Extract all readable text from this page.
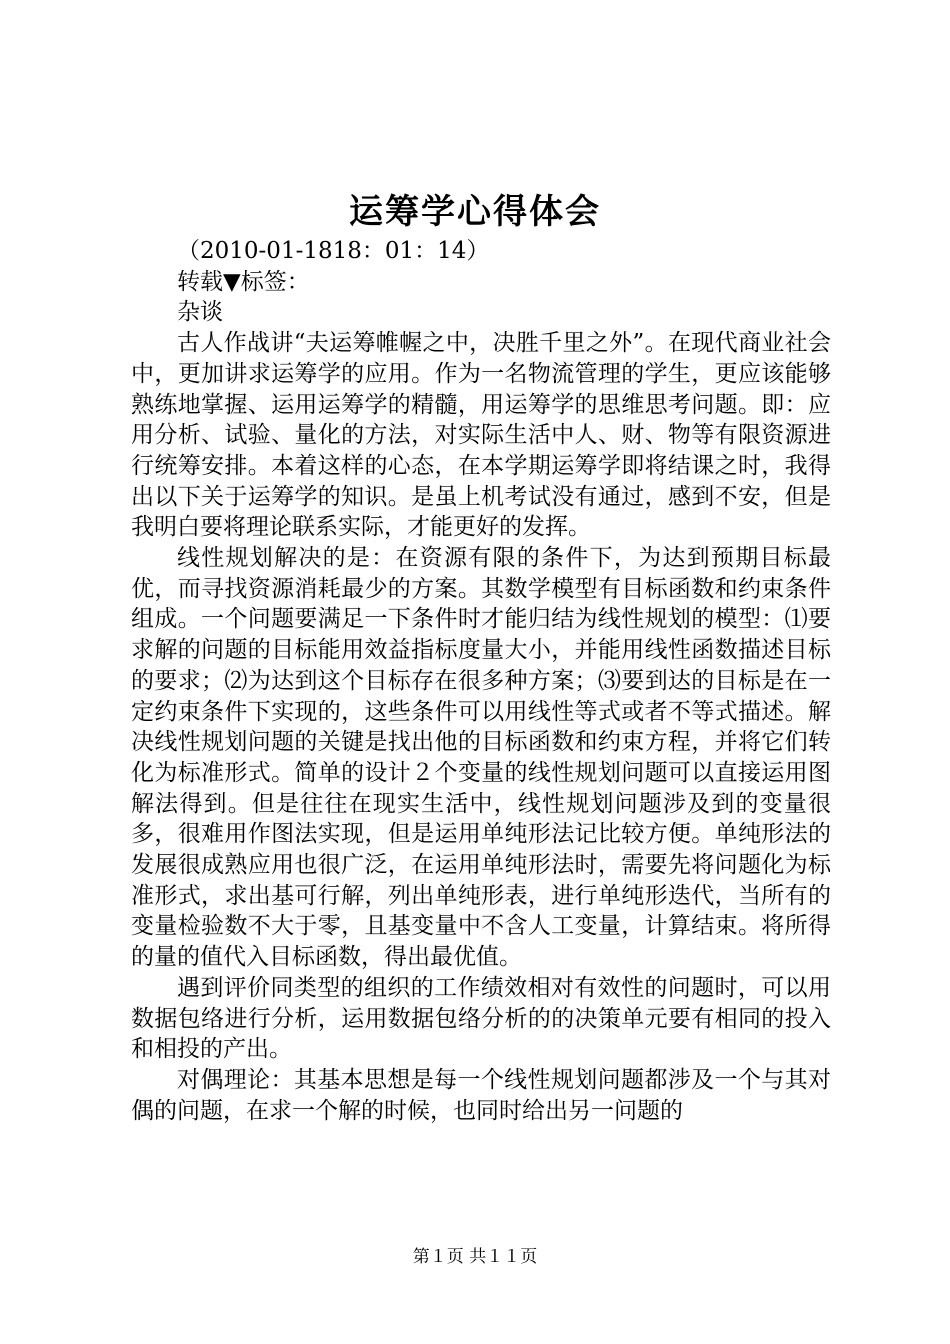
运筹学心得体会
（2010-01-1818：01：14）
转载▼标签：
杂谈

古人作战讲“夫运筹帷幄之中，决胜千里之外”。在现代商业社会中，更加讲求运筹学的应用。作为一名物流管理的学生，更应该能够熟练地掌握、运用运筹学的精髓，用运筹学的思维思考问题。即：应用分析、试验、量化的方法，对实际生活中人、财、物等有限资源进行统筹安排。本着这样的心态，在本学期运筹学即将结课之时，我得出以下关于运筹学的知识。是虽上机考试没有通过，感到不安，但是我明白要将理论联系实际，才能更好的发挥。

线性规划解决的是：在资源有限的条件下，为达到预期目标最优，而寻找资源消耗最少的方案。其数学模型有目标函数和约束条件组成。一个问题要满足一下条件时才能归结为线性规划的模型：⑴要求解的问题的目标能用效益指标度量大小，并能用线性函数描述目标的要求；⑵为达到这个目标存在很多种方案；⑶要到达的目标是在一定约束条件下实现的，这些条件可以用线性等式或者不等式描述。解决线性规划问题的关键是找出他的目标函数和约束方程，并将它们转化为标准形式。简单的设计２个变量的线性规划问题可以直接运用图解法得到。但是往往在现实生活中，线性规划问题涉及到的变量很多，很难用作图法实现，但是运用单纯形法记比较方便。单纯形法的发展很成熟应用也很广泛，在运用单纯形法时，需要先将问题化为标准形式，求出基可行解，列出单纯形表，进行单纯形迭代，当所有的变量检验数不大于零，且基变量中不含人工变量，计算结束。将所得的量的值代入目标函数，得出最优值。

遇到评价同类型的组织的工作绩效相对有效性的问题时，可以用数据包络进行分析，运用数据包络分析的的决策单元要有相同的投入和相投的产出。

对偶理论：其基本思想是每一个线性规划问题都涉及一个与其对偶的问题，在求一个解的时候，也同时给出另一问题的

第１页 共１１页
